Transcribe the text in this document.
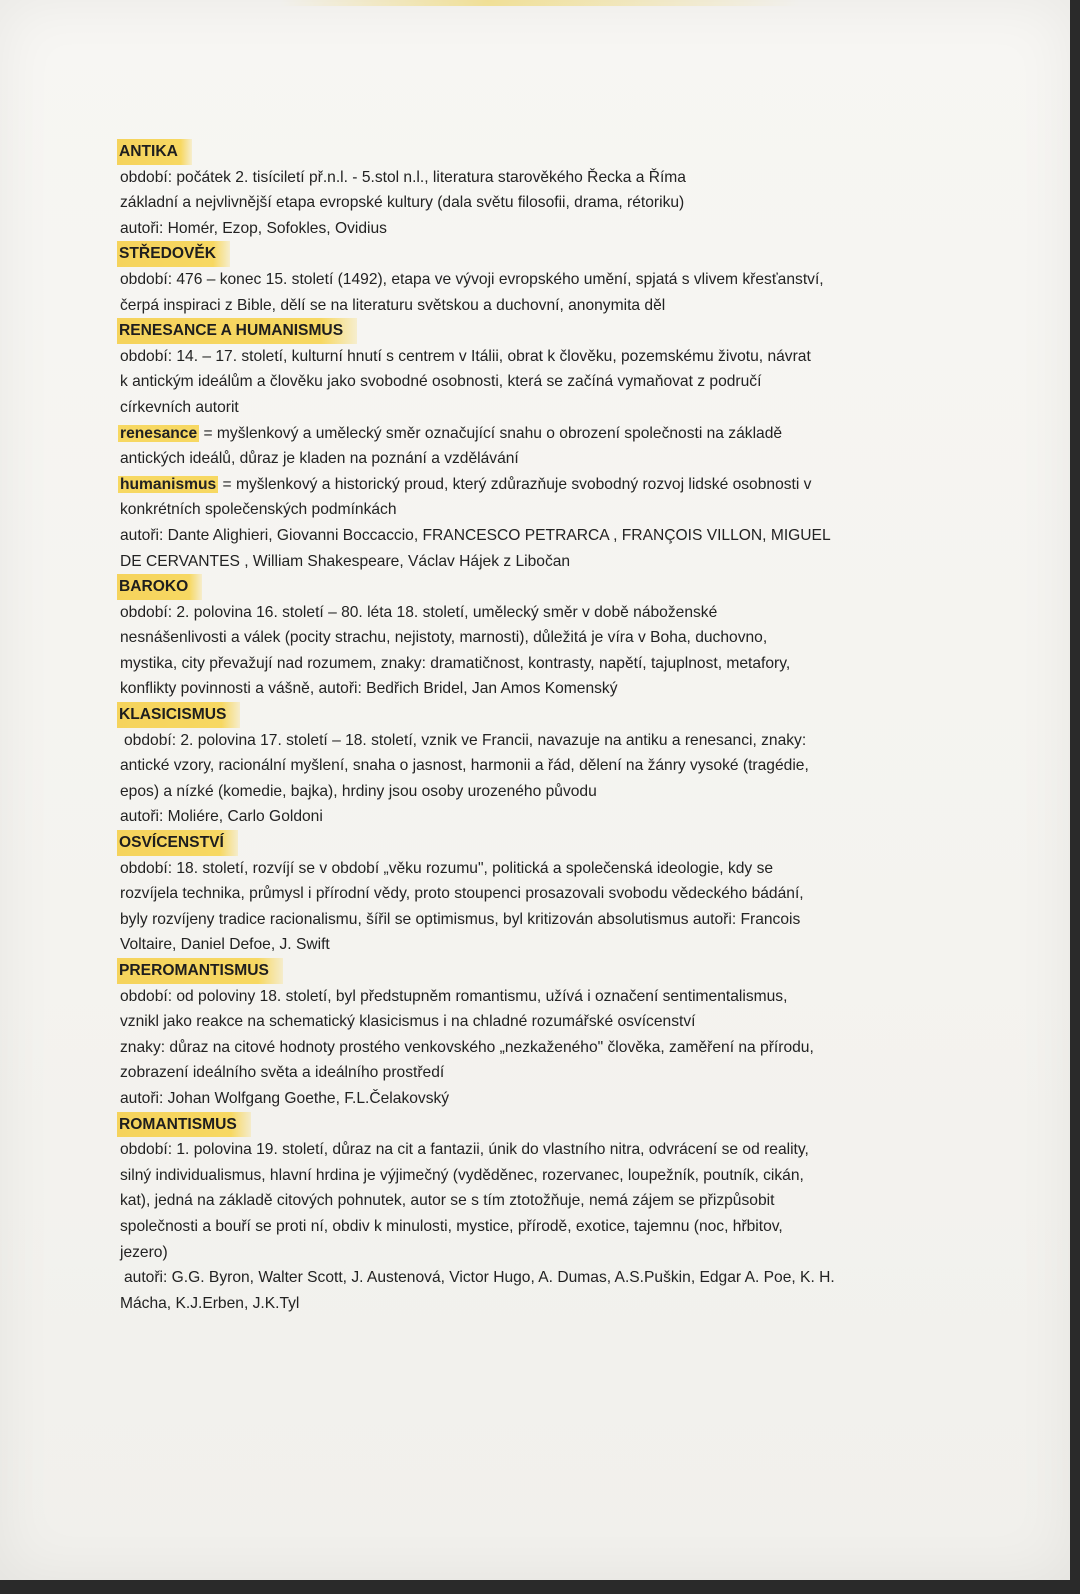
ANTIKA

období: počátek 2. tisíciletí př.n.l. - 5.stol n.l., literatura starověkého Řecka a Říma

základní a nejvlivnější etapa evropské kultury (dala světu filosofii, drama, rétoriku)

autoři: Homér, Ezop, Sofokles, Ovidius

STŘEDOVĚK

období: 476 – konec 15. století (1492), etapa ve vývoji evropského umění, spjatá s vlivem křesťanství,

čerpá inspiraci z Bible, dělí se na literaturu světskou a duchovní, anonymita děl

RENESANCE A HUMANISMUS

období: 14. – 17. století, kulturní hnutí s centrem v Itálii, obrat k člověku, pozemskému životu, návrat

k antickým ideálům a člověku jako svobodné osobnosti, která se začíná vymaňovat z područí

církevních autorit

renesance = myšlenkový a umělecký směr označující snahu o obrození společnosti na základě

antických ideálů, důraz je kladen na poznání a vzdělávání

humanismus = myšlenkový a historický proud, který zdůrazňuje svobodný rozvoj lidské osobnosti v

konkrétních společenských podmínkách

autoři: Dante Alighieri, Giovanni Boccaccio, FRANCESCO PETRARCA , FRANÇOIS VILLON, MIGUEL

DE CERVANTES , William Shakespeare, Václav Hájek z Libočan

BAROKO

období: 2. polovina 16. století – 80. léta 18. století, umělecký směr v době náboženské

nesnášenlivosti a válek (pocity strachu, nejistoty, marnosti), důležitá je víra v Boha, duchovno,

mystika, city převažují nad rozumem, znaky: dramatičnost, kontrasty, napětí, tajuplnost, metafory,

konflikty povinnosti a vášně, autoři: Bedřich Bridel, Jan Amos Komenský

KLASICISMUS

období: 2. polovina 17. století – 18. století, vznik ve Francii, navazuje na antiku a renesanci, znaky:

antické vzory, racionální myšlení, snaha o jasnost, harmonii a řád, dělení na žánry vysoké (tragédie,

epos) a nízké (komedie, bajka), hrdiny jsou osoby urozeného původu

autoři: Moliére, Carlo Goldoni

OSVÍCENSTVÍ

období: 18. století, rozvíjí se v období „věku rozumu", politická a společenská ideologie, kdy se

rozvíjela technika, průmysl i přírodní vědy, proto stoupenci prosazovali svobodu vědeckého bádání,

byly rozvíjeny tradice racionalismu, šířil se optimismus, byl kritizován absolutismus autoři: Francois

Voltaire, Daniel Defoe, J. Swift

PREROMANTISMUS

období: od poloviny 18. století, byl předstupněm romantismu, užívá i označení sentimentalismus,

vznikl jako reakce na schematický klasicismus i na chladné rozumářské osvícenství

znaky: důraz na citové hodnoty prostého venkovského „nezkaženého" člověka, zaměření na přírodu,

zobrazení ideálního světa a ideálního prostředí

autoři: Johan Wolfgang Goethe, F.L.Čelakovský

ROMANTISMUS

období: 1. polovina 19. století, důraz na cit a fantazii, únik do vlastního nitra, odvrácení se od reality,

silný individualismus, hlavní hrdina je výjimečný (vyděděnec, rozervanec, loupežník, poutník, cikán,

kat), jedná na základě citových pohnutek, autor se s tím ztotožňuje, nemá zájem se přizpůsobit

společnosti a bouří se proti ní, obdiv k minulosti, mystice, přírodě, exotice, tajemnu (noc, hřbitov,

jezero)

autoři: G.G. Byron, Walter Scott, J. Austenová, Victor Hugo, A. Dumas, A.S.Puškin, Edgar A. Poe, K. H.

Mácha, K.J.Erben, J.K.Tyl
